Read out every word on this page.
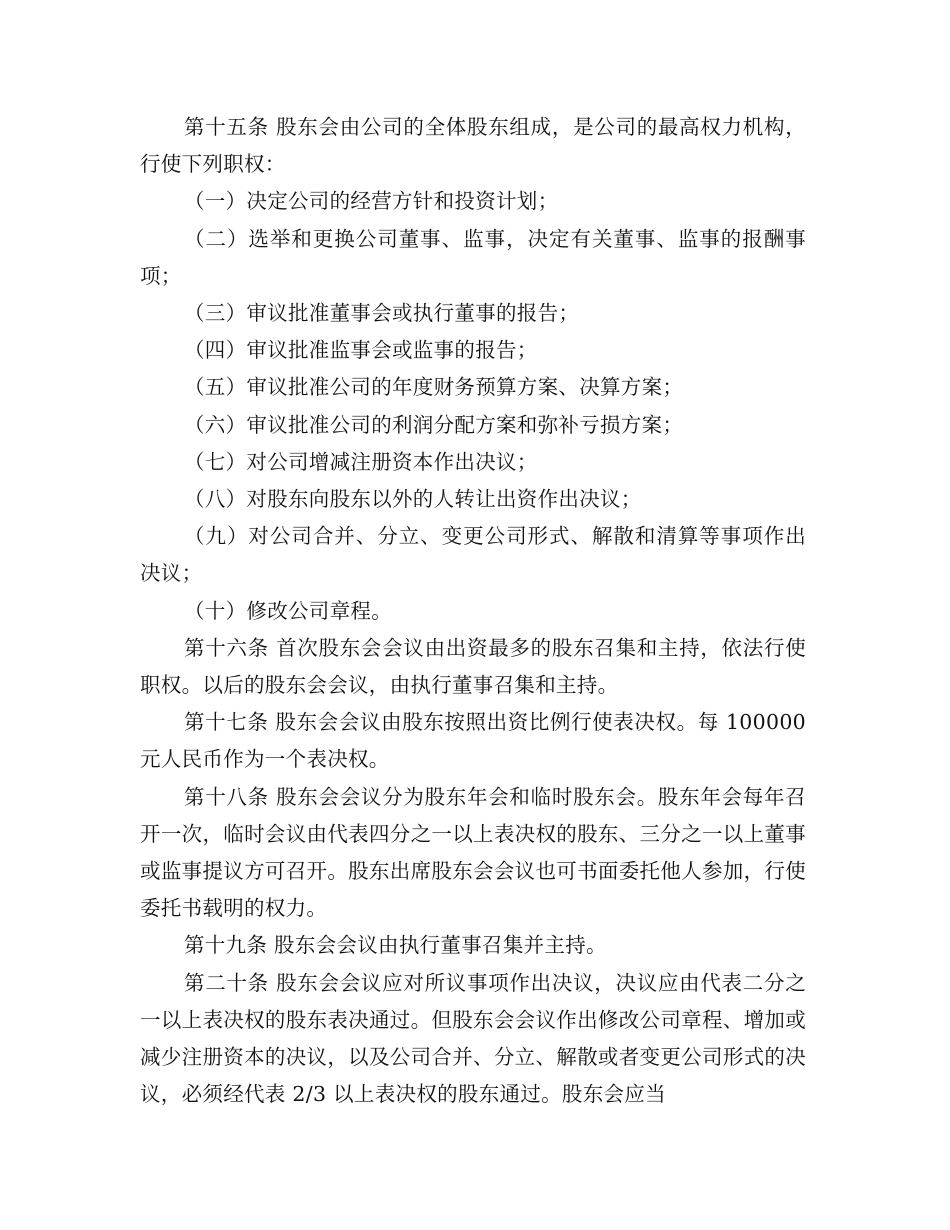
第十五条 股东会由公司的全体股东组成，是公司的最高权力机构，行使下列职权：

（一）决定公司的经营方针和投资计划；

（二）选举和更换公司董事、监事，决定有关董事、监事的报酬事项；

（三）审议批准董事会或执行董事的报告；

（四）审议批准监事会或监事的报告；

（五）审议批准公司的年度财务预算方案、决算方案；

（六）审议批准公司的利润分配方案和弥补亏损方案；

（七）对公司增减注册资本作出决议；

（八）对股东向股东以外的人转让出资作出决议；

（九）对公司合并、分立、变更公司形式、解散和清算等事项作出决议；

（十）修改公司章程。

第十六条 首次股东会会议由出资最多的股东召集和主持，依法行使职权。以后的股东会会议，由执行董事召集和主持。

第十七条 股东会会议由股东按照出资比例行使表决权。每 100000 元人民币作为一个表决权。

第十八条 股东会会议分为股东年会和临时股东会。股东年会每年召开一次，临时会议由代表四分之一以上表决权的股东、三分之一以上董事或监事提议方可召开。股东出席股东会会议也可书面委托他人参加，行使委托书载明的权力。

第十九条 股东会会议由执行董事召集并主持。

第二十条 股东会会议应对所议事项作出决议，决议应由代表二分之一以上表决权的股东表决通过。但股东会会议作出修改公司章程、增加或减少注册资本的决议，以及公司合并、分立、解散或者变更公司形式的决议，必须经代表 2/3 以上表决权的股东通过。股东会应当
